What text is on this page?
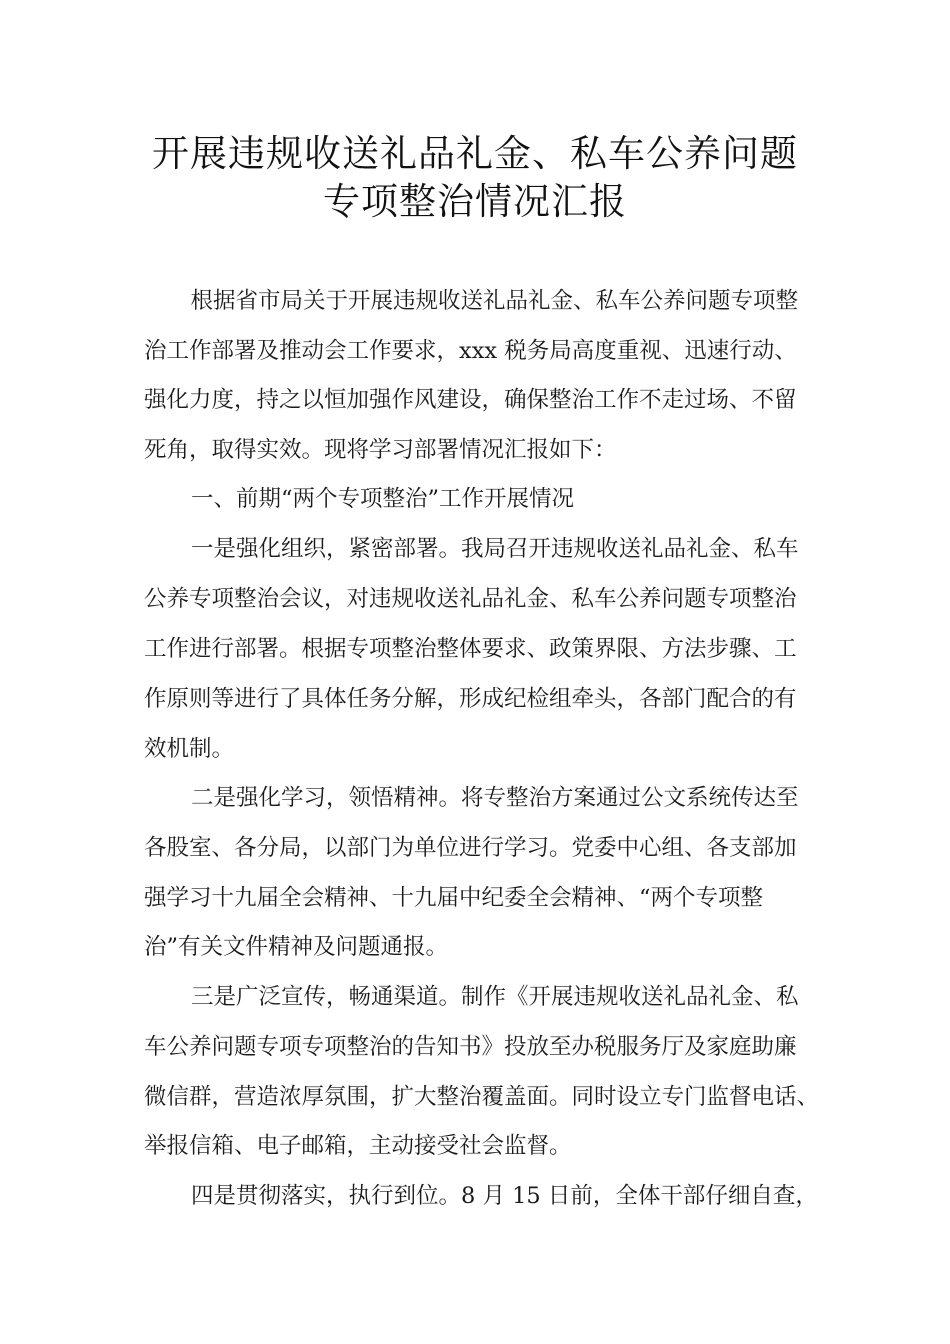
开展违规收送礼品礼金、私车公养问题
专项整治情况汇报
　根据省市局关于开展违规收送礼品礼金、私车公养问题专项整
治工作部署及推动会工作要求，xxx 税务局高度重视、迅速行动、
强化力度，持之以恒加强作风建设，确保整治工作不走过场、不留
死角，取得实效。现将学习部署情况汇报如下：
一、前期“两个专项整治”工作开展情况
一是强化组织，紧密部署。我局召开违规收送礼品礼金、私车
公养专项整治会议，对违规收送礼品礼金、私车公养问题专项整治
工作进行部署。根据专项整治整体要求、政策界限、方法步骤、工
作原则等进行了具体任务分解，形成纪检组牵头，各部门配合的有
效机制。
二是强化学习，领悟精神。将专整治方案通过公文系统传达至
各股室、各分局，以部门为单位进行学习。党委中心组、各支部加
强学习十九届全会精神、十九届中纪委全会精神、“两个专项整
治”有关文件精神及问题通报。
三是广泛宣传，畅通渠道。制作《开展违规收送礼品礼金、私
车公养问题专项专项整治的告知书》投放至办税服务厅及家庭助廉
微信群，营造浓厚氛围，扩大整治覆盖面。同时设立专门监督电话、
举报信箱、电子邮箱，主动接受社会监督。
四是贯彻落实，执行到位。8 月 15 日前，全体干部仔细自查，
